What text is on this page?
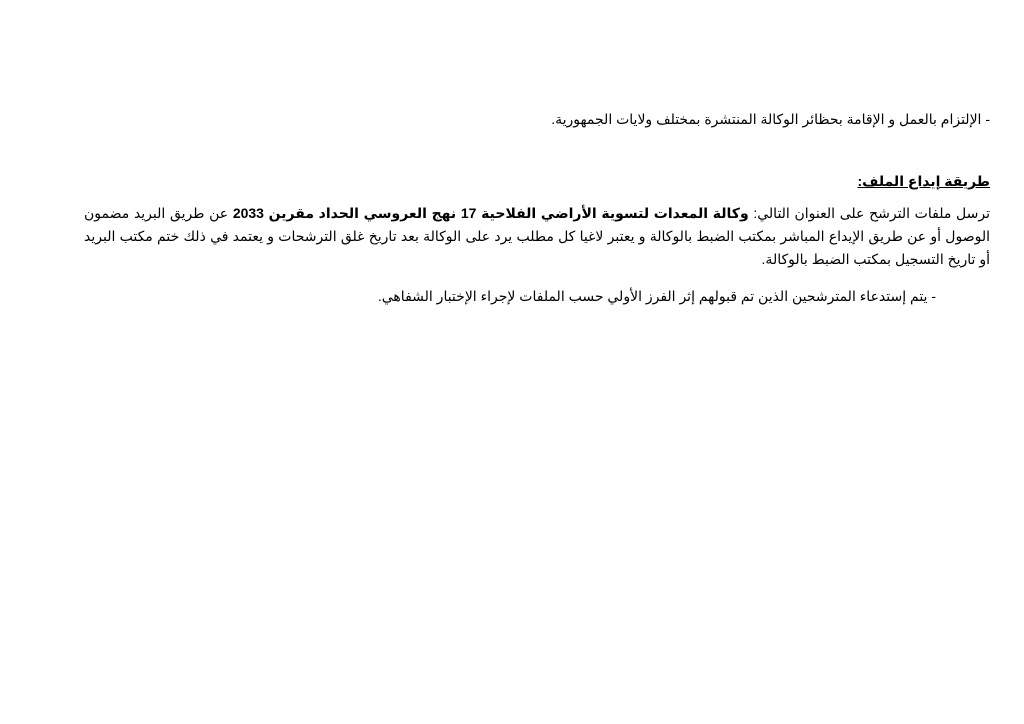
- الإلتزام بالعمل و الإقامة بحظائر الوكالة المنتشرة بمختلف ولايات الجمهورية.

طريقة إيداع الملف:

ترسل ملفات الترشح على العنوان التالي: وكالة المعدات لتسوية الأراضي الفلاحية 17 نهج العروسي الحداد مقرين 2033 عن طريق البريد مضمون الوصول أو عن طريق الإيداع المباشر بمكتب الضبط بالوكالة و يعتبر لاغيا كل مطلب يرد على الوكالة بعد تاريخ غلق الترشحات و يعتمد في ذلك ختم مكتب البريد أو تاريخ التسجيل بمكتب الضبط بالوكالة.

- يتم إستدعاء المترشحين الذين تم قبولهم إثر الفرز الأولي حسب الملفات لإجراء الإختبار الشفاهي.
